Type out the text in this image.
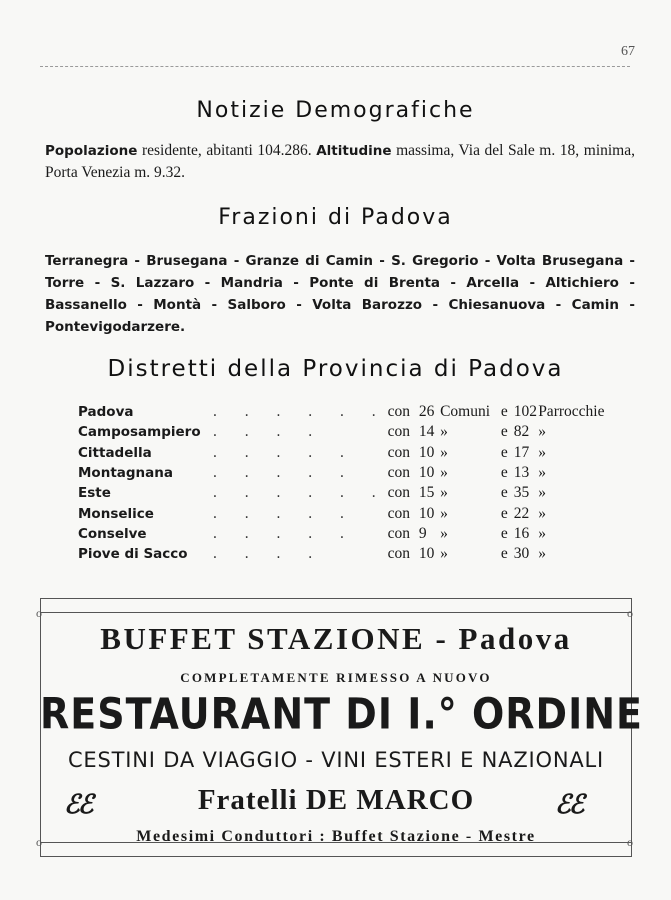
67
Notizie Demografiche
Popolazione residente, abitanti 104.286. Altitudine massima, Via del Sale m. 18, minima, Porta Venezia m. 9.32.
Frazioni di Padova
Terranegra - Brusegana - Granze di Camin - S. Gregorio - Volta Brusegana - Torre - S. Lazzaro - Mandria - Ponte di Brenta - Arcella - Altichiero - Bassanello - Montà - Salboro - Volta Barozzo - Chiesanuova - Camin - Pontevigodarzere.
Distretti della Provincia di Padova
Padova	. . . . . .	con	26	Comuni	e	102	Parrocchie
Camposampiero	. . . .	con	14	»	e	82	»
Cittadella	. . . . .	con	10	»	e	17	»
Montagnana	. . . . .	con	10	»	e	13	»
Este	. . . . . .	con	15	»	e	35	»
Monselice	. . . . .	con	10	»	e	22	»
Conselve	. . . . .	con	9	»	e	16	»
Piove di Sacco	. . . .	con	10	»	e	30	»
o	o
o	o
BUFFET STAZIONE - Padova
COMPLETAMENTE RIMESSO A NUOVO
RESTAURANT DI I.° ORDINE
CESTINI DA VIAGGIO - VINI ESTERI E NAZIONALI
Fratelli DE MARCO
ℰℰ	ℰℰ
Medesimi Conduttori : Buffet Stazione - Mestre
